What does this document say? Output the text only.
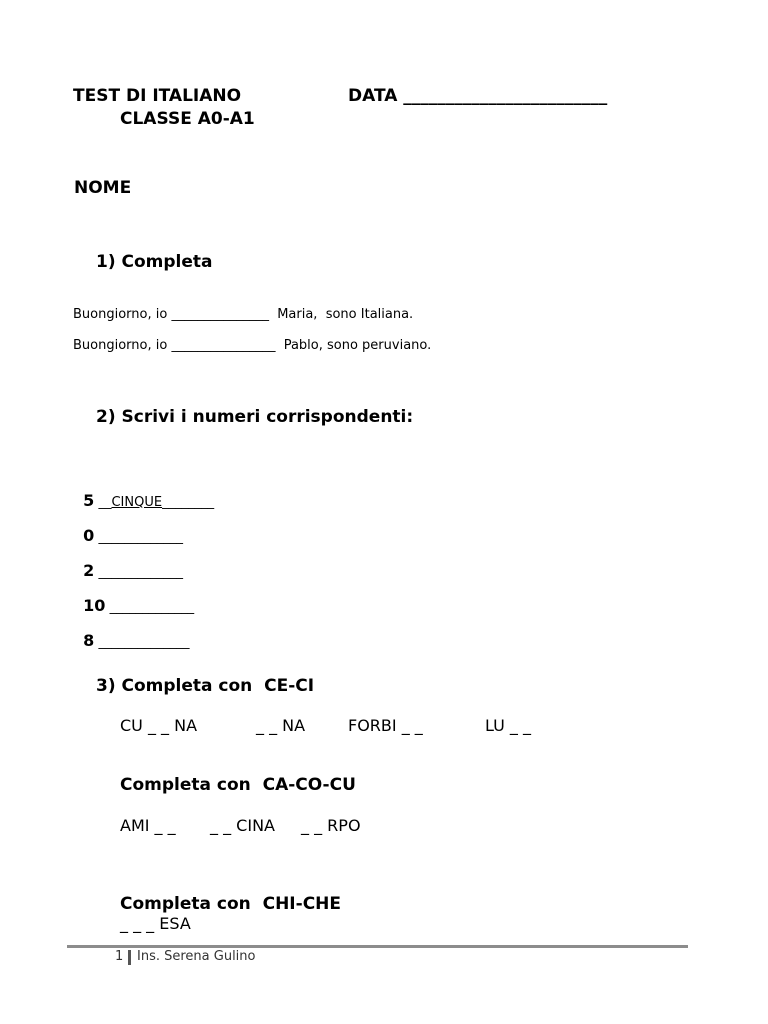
TEST DI ITALIANO	DATA ________________________
CLASSE A0-A1
NOME
1) Completa
Buongiorno, io _______________  Maria,  sono Italiana.
Buongiorno, io ________________  Pablo, sono peruviano.
2) Scrivi i numeri corrispondenti:

5 __CINQUE________

0 _____________

2 _____________

10 _____________

8 ______________

3) Completa con  CE-CI
CU _ _ NA	_ _ NA	FORBI _ _	LU _ _
Completa con  CA-CO-CU
AMI _ _ _ _ CINA _ _ RPO
Completa con  CHI-CHE
_ _ _ ESA
1 Ins. Serena Gulino
